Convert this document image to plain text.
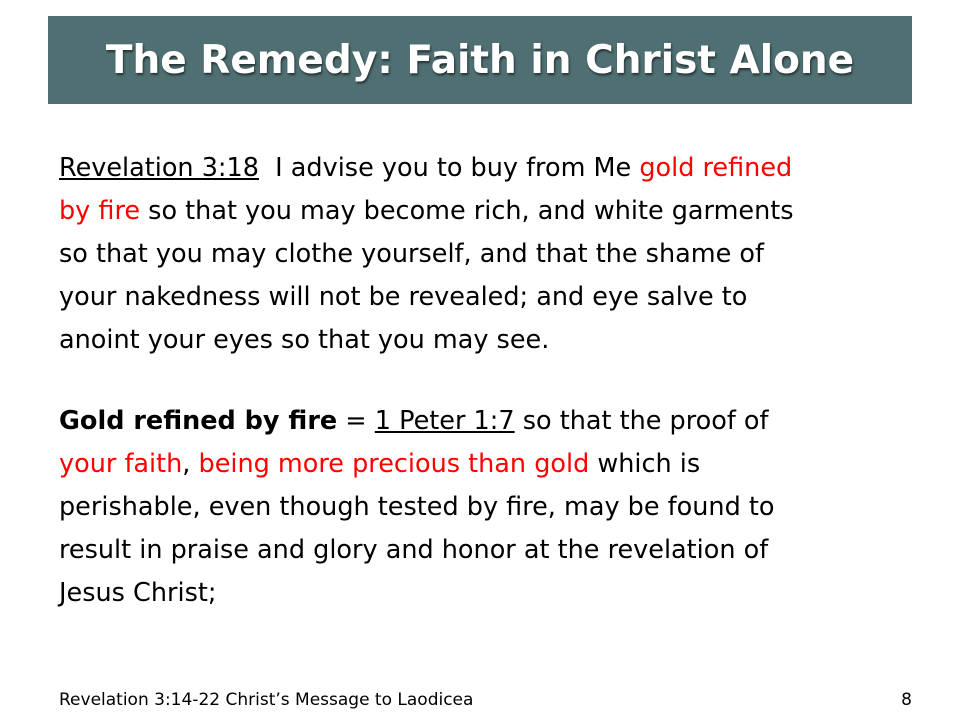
The Remedy: Faith in Christ Alone
Revelation 3:18  I advise you to buy from Me gold refined
by fire so that you may become rich, and white garments
so that you may clothe yourself, and that the shame of
your nakedness will not be revealed; and eye salve to
anoint your eyes so that you may see.
Gold refined by fire = 1 Peter 1:7 so that the proof of
your faith, being more precious than gold which is
perishable, even though tested by fire, may be found to
result in praise and glory and honor at the revelation of
Jesus Christ;
Revelation 3:14-22 Christ’s Message to Laodicea	8
